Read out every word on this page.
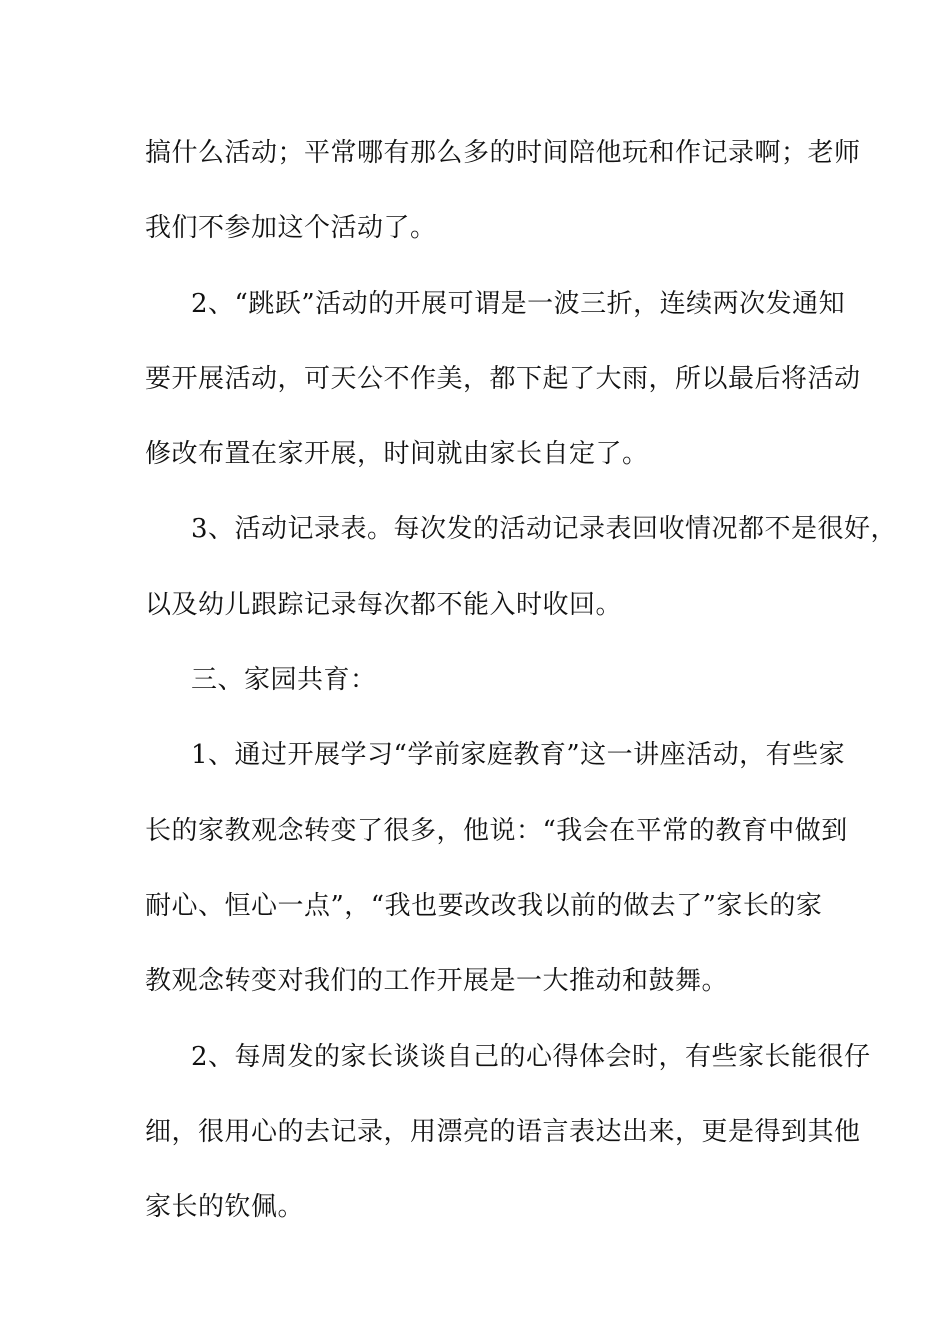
搞什么活动；平常哪有那么多的时间陪他玩和作记录啊；老师
我们不参加这个活动了。
2、“跳跃”活动的开展可谓是一波三折，连续两次发通知
要开展活动，可天公不作美，都下起了大雨，所以最后将活动
修改布置在家开展，时间就由家长自定了。
3、活动记录表。每次发的活动记录表回收情况都不是很好，
以及幼儿跟踪记录每次都不能入时收回。
三、家园共育：
1、通过开展学习“学前家庭教育”这一讲座活动，有些家
长的家教观念转变了很多，他说：“我会在平常的教育中做到
耐心、恒心一点”，“我也要改改我以前的做去了”家长的家
教观念转变对我们的工作开展是一大推动和鼓舞。
2、每周发的家长谈谈自己的心得体会时，有些家长能很仔
细，很用心的去记录，用漂亮的语言表达出来，更是得到其他
家长的钦佩。
